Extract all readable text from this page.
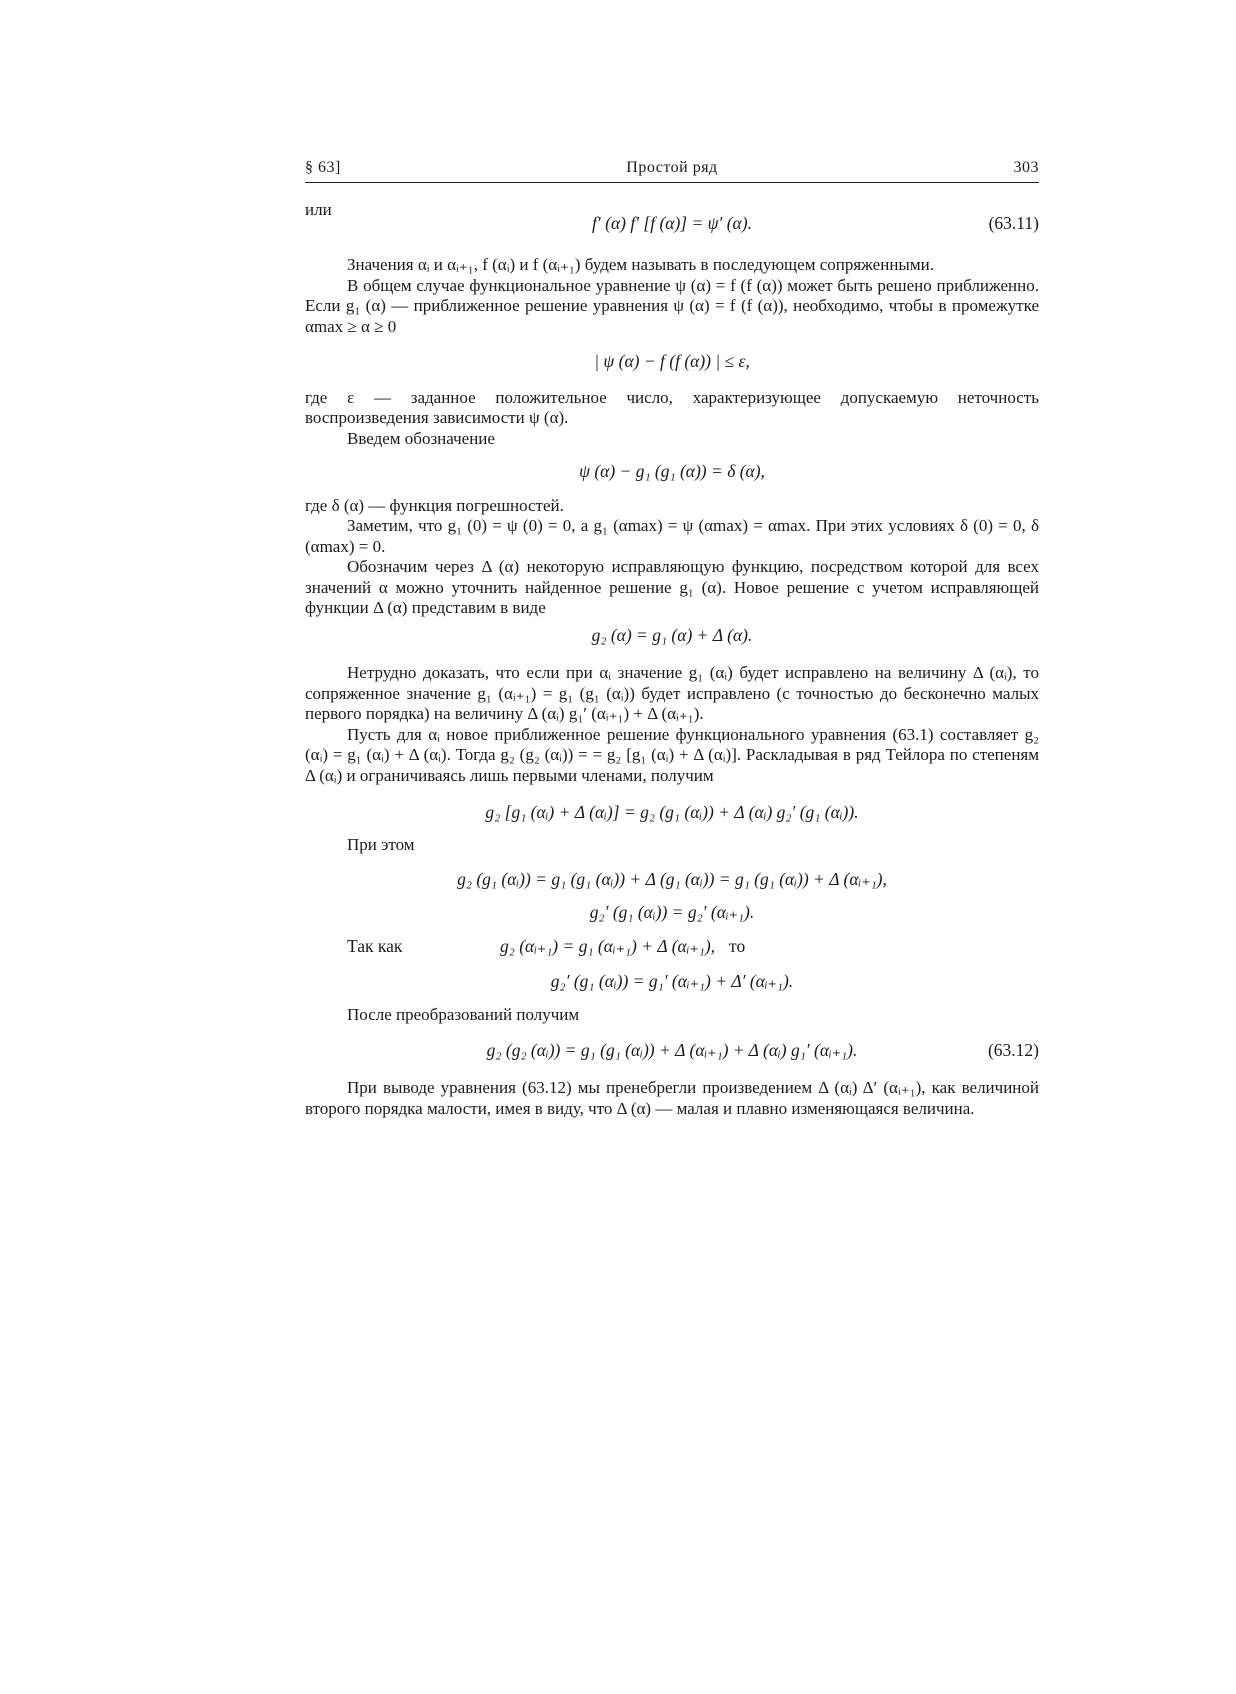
§ 63]	Простой ряд	303

или

f′ (α) f′ [f (α)] = ψ′ (α).	(63.11)

Значения αᵢ и αᵢ₊₁, f (αᵢ) и f (αᵢ₊₁) будем называть в последующем сопряженными.

В общем случае функциональное уравнение ψ (α) = f (f (α)) может быть решено приближенно. Если g₁ (α) — приближенное решение уравнения ψ (α) = f (f (α)), необходимо, чтобы в промежутке αmax ≥ α ≥ 0

| ψ (α) − f (f (α)) | ≤ ε,

где ε — заданное положительное число, характеризующее допускаемую неточность воспроизведения зависимости ψ (α).

Введем обозначение

ψ (α) − g₁ (g₁ (α)) = δ (α),

где δ (α) — функция погрешностей.

Заметим, что g₁ (0) = ψ (0) = 0, а g₁ (αmax) = ψ (αmax) = αmax. При этих условиях δ (0) = 0, δ (αmax) = 0.

Обозначим через Δ (α) некоторую исправляющую функцию, посредством которой для всех значений α можно уточнить найденное решение g₁ (α). Новое решение с учетом исправляющей функции Δ (α) представим в виде

g₂ (α) = g₁ (α) + Δ (α).

Нетрудно доказать, что если при αᵢ значение g₁ (αᵢ) будет исправлено на величину Δ (αᵢ), то сопряженное значение g₁ (αᵢ₊₁) = g₁ (g₁ (αᵢ)) будет исправлено (с точностью до бесконечно малых первого порядка) на величину Δ (αᵢ) g₁′ (αᵢ₊₁) + Δ (αᵢ₊₁).

Пусть для αᵢ новое приближенное решение функционального уравнения (63.1) составляет g₂ (αᵢ) = g₁ (αᵢ) + Δ (αᵢ). Тогда g₂ (g₂ (αᵢ)) = = g₂ [g₁ (αᵢ) + Δ (αᵢ)]. Раскладывая в ряд Тейлора по степеням Δ (αᵢ) и ограничиваясь лишь первыми членами, получим

g₂ [g₁ (αᵢ) + Δ (αᵢ)] = g₂ (g₁ (αᵢ)) + Δ (αᵢ) g₂′ (g₁ (αᵢ)).

При этом

g₂ (g₁ (αᵢ)) = g₁ (g₁ (αᵢ)) + Δ (g₁ (αᵢ)) = g₁ (g₁ (αᵢ)) + Δ (αᵢ₊₁),
g₂′ (g₁ (αᵢ)) = g₂′ (αᵢ₊₁).
Так как	g₂ (αᵢ₊₁) = g₁ (αᵢ₊₁) + Δ (αᵢ₊₁), то
g₂′ (g₁ (αᵢ)) = g₁′ (αᵢ₊₁) + Δ′ (αᵢ₊₁).

После преобразований получим

g₂ (g₂ (αᵢ)) = g₁ (g₁ (αᵢ)) + Δ (αᵢ₊₁) + Δ (αᵢ) g₁′ (αᵢ₊₁).	(63.12)

При выводе уравнения (63.12) мы пренебрегли произведением Δ (αᵢ) Δ′ (αᵢ₊₁), как величиной второго порядка малости, имея в виду, что Δ (α) — малая и плавно изменяющаяся величина.
